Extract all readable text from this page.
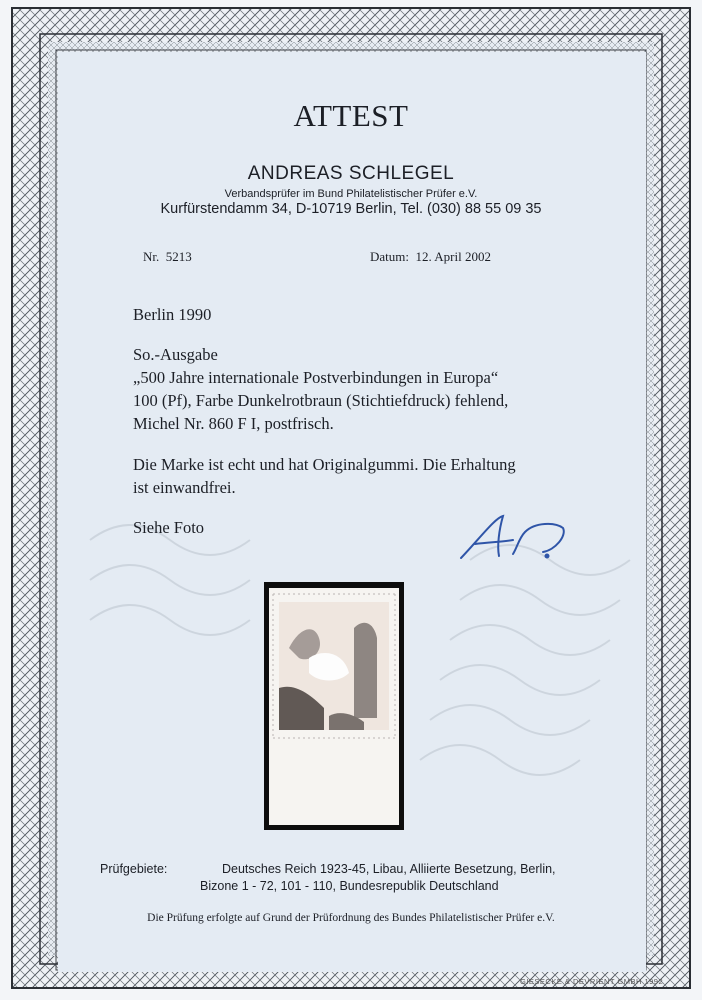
ATTEST
ANDREAS SCHLEGEL
Verbandsprüfer im Bund Philatelistischer Prüfer e.V.
Kurfürstendamm 34, D-10719 Berlin, Tel. (030) 88 55 09 35
Nr. 5213	Datum: 12. April 2002
Berlin 1990
So.-Ausgabe
„500 Jahre internationale Postverbindungen in Europa“
100 (Pf), Farbe Dunkelrotbraun (Stichtiefdruck) fehlend,
Michel Nr. 860 F I, postfrisch.
Die Marke ist echt und hat Originalgummi. Die Erhaltung
ist einwandfrei.
Siehe Foto
Prüfgebiete:	Deutsches Reich 1923-45, Libau, Alliierte Besetzung, Berlin,
Bizone 1 - 72, 101 - 110, Bundesrepublik Deutschland
Die Prüfung erfolgte auf Grund der Prüfordnung des Bundes Philatelistischer Prüfer e.V.
GIESECKE & DEVRIENT GMBH 1992
